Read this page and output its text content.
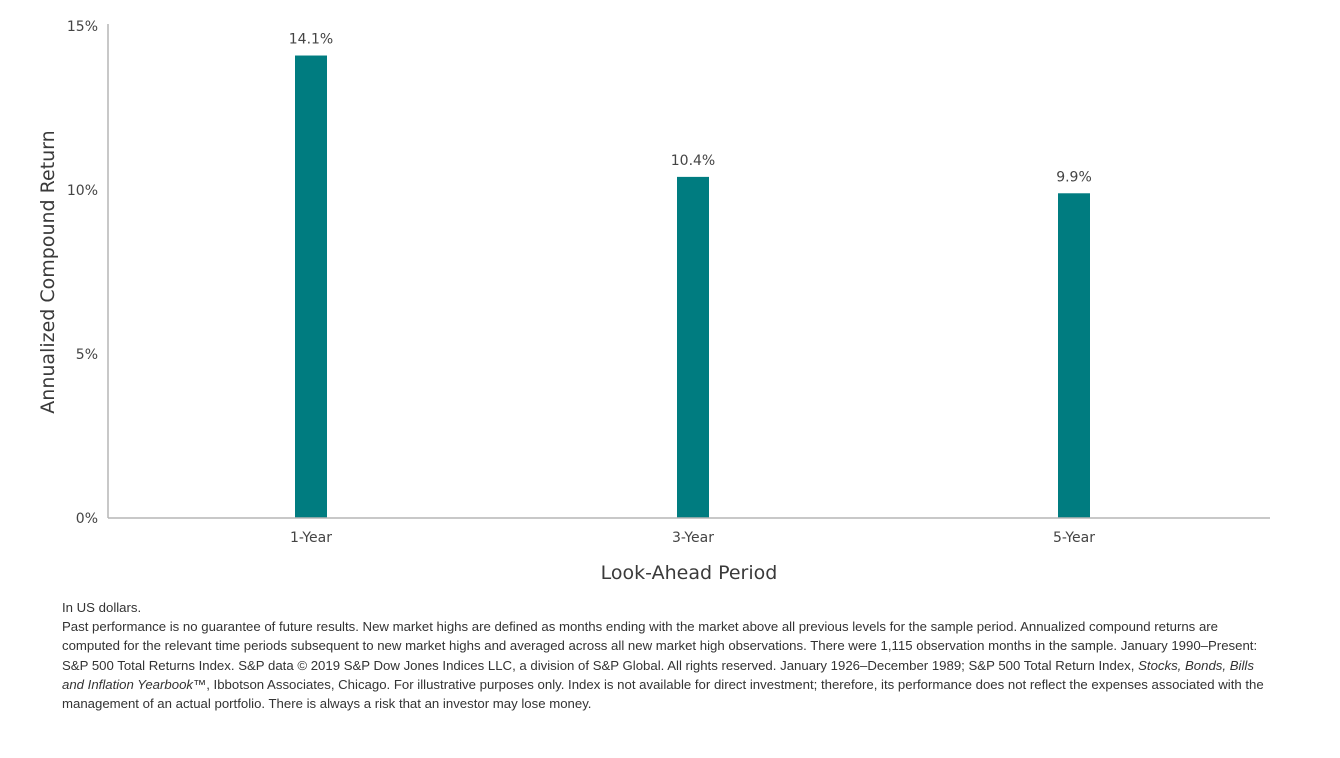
0%
5%
10%
15%
14.1%
10.4%
9.9%
1-Year	3-Year	5-Year
Look-Ahead Period
Annualized Compound Return

In US dollars.

Past performance is no guarantee of future results. New market highs are defined as months ending with the market above all previous levels for the sample period. Annualized compound returns are computed for the relevant time periods subsequent to new market highs and averaged across all new market high observations. There were 1,115 observation months in the sample. January 1990–Present: S&P 500 Total Returns Index. S&P data © 2019 S&P Dow Jones Indices LLC, a division of S&P Global. All rights reserved. January 1926–December 1989; S&P 500 Total Return Index, Stocks, Bonds, Bills and Inflation Yearbook™, Ibbotson Associates, Chicago. For illustrative purposes only. Index is not available for direct investment; therefore, its performance does not reflect the expenses associated with the management of an actual portfolio. There is always a risk that an investor may lose money.
